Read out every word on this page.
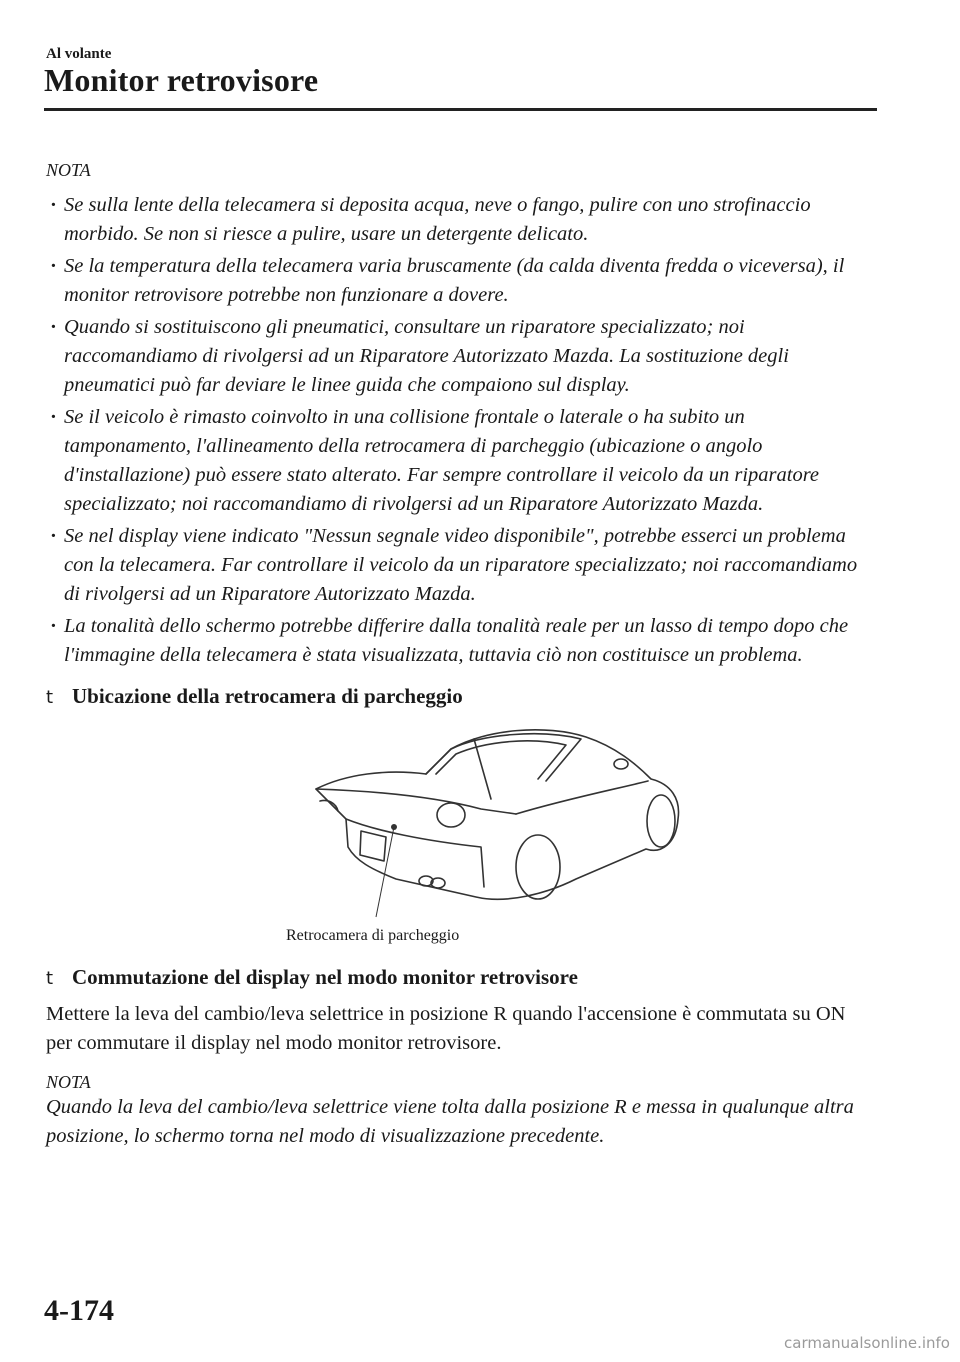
Al volante
Monitor retrovisore
NOTA
· Se sulla lente della telecamera si deposita acqua, neve o fango, pulire con uno strofinaccio morbido. Se non si riesce a pulire, usare un detergente delicato.
· Se la temperatura della telecamera varia bruscamente (da calda diventa fredda o viceversa), il monitor retrovisore potrebbe non funzionare a dovere.
· Quando si sostituiscono gli pneumatici, consultare un riparatore specializzato; noi raccomandiamo di rivolgersi ad un Riparatore Autorizzato Mazda. La sostituzione degli pneumatici può far deviare le linee guida che compaiono sul display.
· Se il veicolo è rimasto coinvolto in una collisione frontale o laterale o ha subito un tamponamento, l'allineamento della retrocamera di parcheggio (ubicazione o angolo d'installazione) può essere stato alterato. Far sempre controllare il veicolo da un riparatore specializzato; noi raccomandiamo di rivolgersi ad un Riparatore Autorizzato Mazda.
· Se nel display viene indicato "Nessun segnale video disponibile", potrebbe esserci un problema con la telecamera. Far controllare il veicolo da un riparatore specializzato; noi raccomandiamo di rivolgersi ad un Riparatore Autorizzato Mazda.
· La tonalità dello schermo potrebbe differire dalla tonalità reale per un lasso di tempo dopo che l'immagine della telecamera è stata visualizzata, tuttavia ciò non costituisce un problema.
t Ubicazione della retrocamera di parcheggio
Retrocamera di parcheggio
t Commutazione del display nel modo monitor retrovisore

Mettere la leva del cambio/leva selettrice in posizione R quando l'accensione è commutata su ON per commutare il display nel modo monitor retrovisore.

NOTA

Quando la leva del cambio/leva selettrice viene tolta dalla posizione R e messa in qualunque altra posizione, lo schermo torna nel modo di visualizzazione precedente.

4-174
carmanualsonline.info
